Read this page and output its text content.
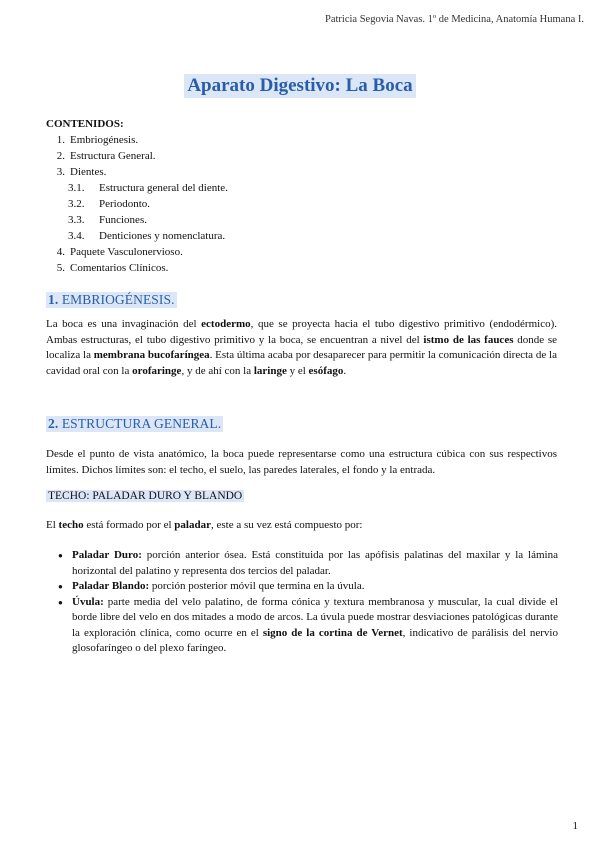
Patricia Segovia Navas. 1º de Medicina, Anatomía Humana I.
Aparato Digestivo: La Boca
CONTENIDOS:
1. Embriogénesis.
2. Estructura General.
3. Dientes.
3.1.	Estructura general del diente.
3.2.	Periodonto.
3.3.	Funciones.
3.4.	Denticiones y nomenclatura.
4. Paquete Vasculonervioso.
5. Comentarios Clínicos.
1. EMBRIOGÉNESIS.
La boca es una invaginación del ectodermo, que se proyecta hacia el tubo digestivo primitivo (endodérmico). Ambas estructuras, el tubo digestivo primitivo y la boca, se encuentran a nivel del istmo de las fauces donde se localiza la membrana bucofaríngea. Esta última acaba por desaparecer para permitir la comunicación directa de la cavidad oral con la orofaringe, y de ahí con la laringe y el esófago.
2. ESTRUCTURA GENERAL.
Desde el punto de vista anatómico, la boca puede representarse como una estructura cúbica con sus respectivos límites. Dichos límites son: el techo, el suelo, las paredes laterales, el fondo y la entrada.
TECHO: PALADAR DURO Y BLANDO
El techo está formado por el paladar, este a su vez está compuesto por:
● Paladar Duro: porción anterior ósea. Está constituida por las apófisis palatinas del maxilar y la lámina horizontal del palatino y representa dos tercios del paladar.
● Paladar Blando: porción posterior móvil que termina en la úvula.
● Úvula: parte media del velo palatino, de forma cónica y textura membranosa y muscular, la cual divide el borde libre del velo en dos mitades a modo de arcos. La úvula puede mostrar desviaciones patológicas durante la exploración clínica, como ocurre en el signo de la cortina de Vernet, indicativo de parálisis del nervio glosofaríngeo o del plexo faríngeo.
1
